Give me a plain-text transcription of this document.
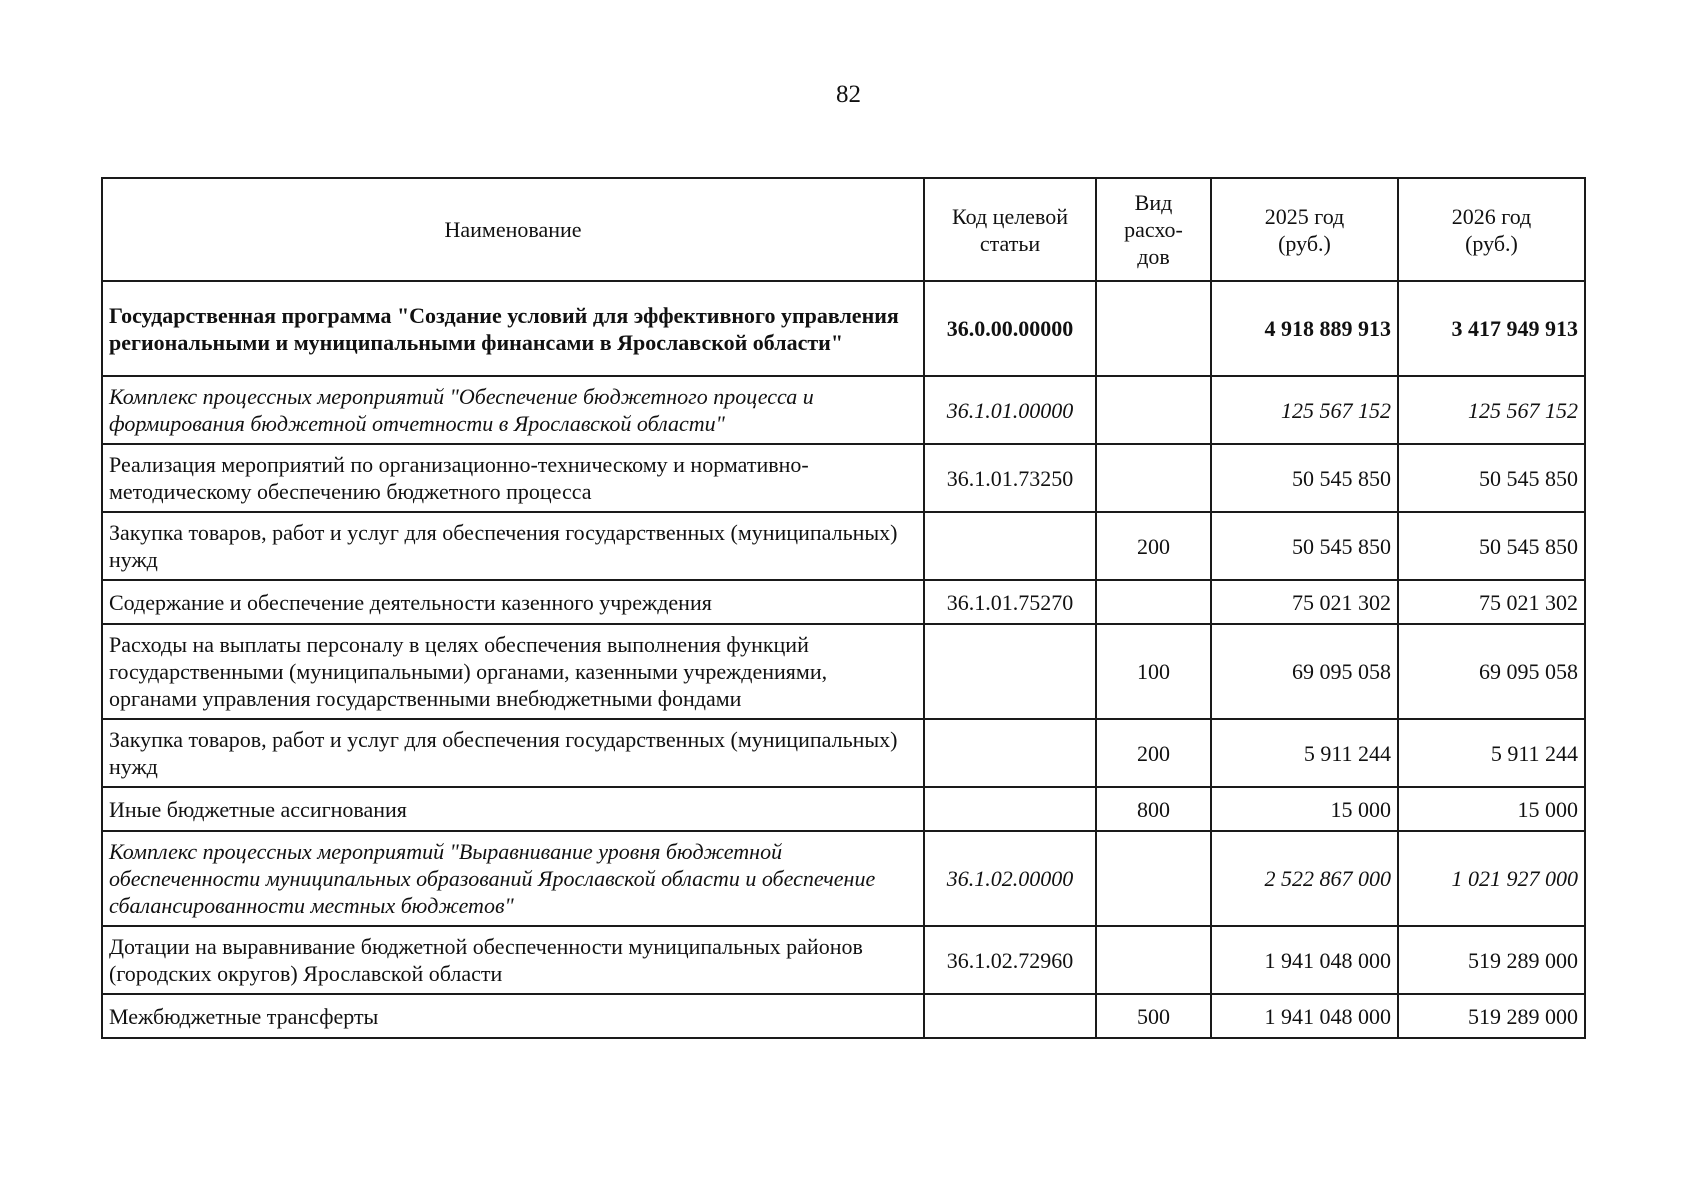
82
Наименование	Код целевой статьи	Вид расхо-дов	2025 год (руб.)	2026 год (руб.)
Государственная программа "Создание условий для эффективного управления региональными и муниципальными финансами в Ярославской области"	36.0.00.00000		4 918 889 913	3 417 949 913
Комплекс процессных мероприятий "Обеспечение бюджетного процесса и формирования бюджетной отчетности в Ярославской области"	36.1.01.00000		125 567 152	125 567 152
Реализация мероприятий по организационно-техническому и нормативно-методическому обеспечению бюджетного процесса	36.1.01.73250		50 545 850	50 545 850
Закупка товаров, работ и услуг для обеспечения государственных (муниципальных) нужд		200	50 545 850	50 545 850
Содержание и обеспечение деятельности казенного учреждения	36.1.01.75270		75 021 302	75 021 302
Расходы на выплаты персоналу в целях обеспечения выполнения функций государственными (муниципальными) органами, казенными учреждениями, органами управления государственными внебюджетными фондами		100	69 095 058	69 095 058
Закупка товаров, работ и услуг для обеспечения государственных (муниципальных) нужд		200	5 911 244	5 911 244
Иные бюджетные ассигнования		800	15 000	15 000
Комплекс процессных мероприятий "Выравнивание уровня бюджетной обеспеченности муниципальных образований Ярославской области и обеспечение сбалансированности местных бюджетов"	36.1.02.00000		2 522 867 000	1 021 927 000
Дотации на выравнивание бюджетной обеспеченности муниципальных районов (городских округов) Ярославской области	36.1.02.72960		1 941 048 000	519 289 000
Межбюджетные трансферты		500	1 941 048 000	519 289 000
